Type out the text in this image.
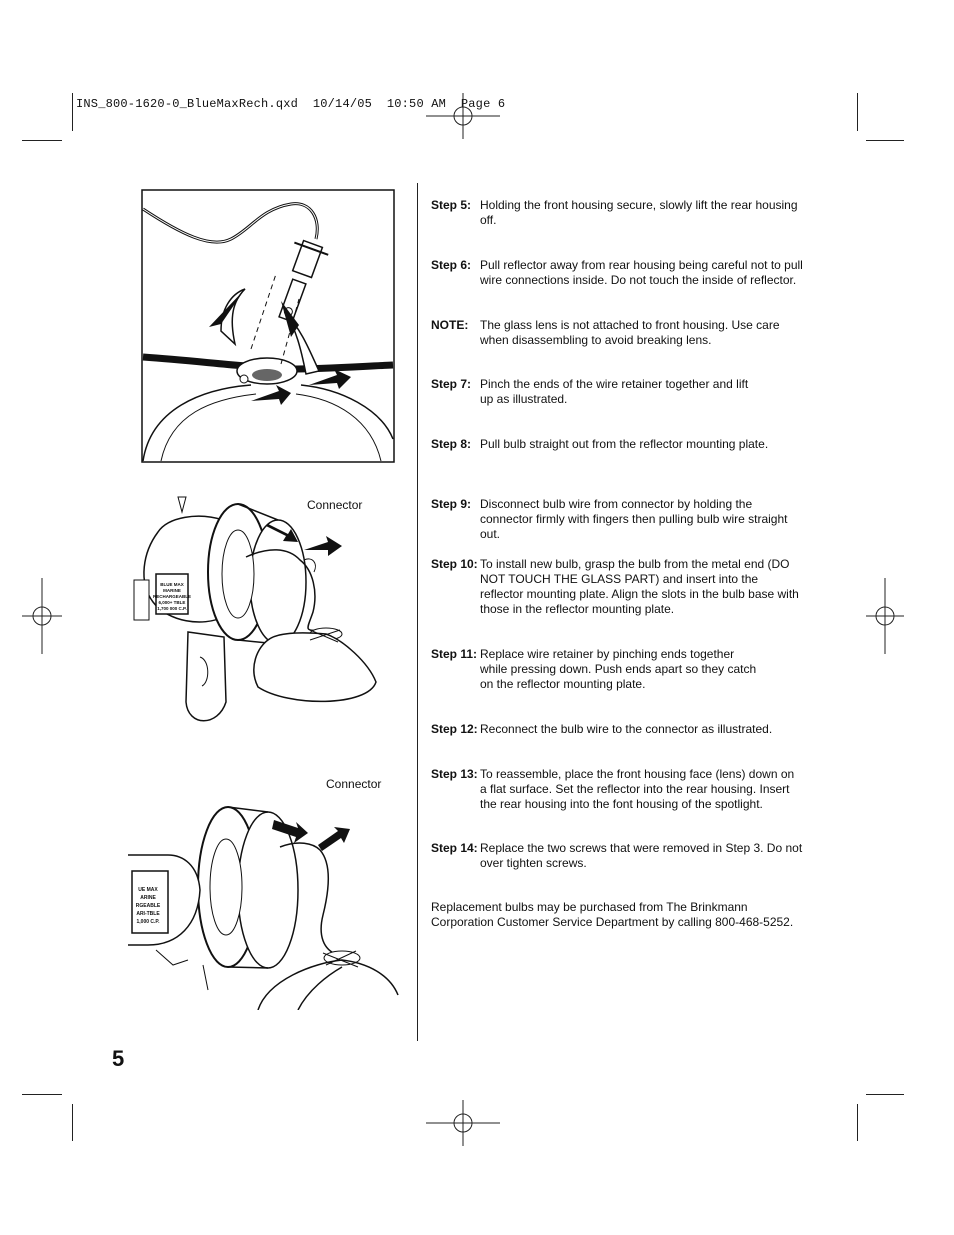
INS_800-1620-0_BlueMaxRech.qxd  10/14/05  10:50 AM  Page 6
BLUE MAX
MARINE
RECHARGEABLE
6,000+ TBLE
1,700 000 C.P.
Connector
UE MAX
ARINE
RGEABLE
ARI-TBLE
1,000 C.P.
Connector
Step 5: Holding the front housing secure, slowly lift the rear housing off.
Step 6: Pull reflector away from rear housing being careful not to pull wire connections inside. Do not touch the inside of reflector.
NOTE: The glass lens is not attached to front housing. Use care when disassembling to avoid breaking lens.
Step 7: Pinch the ends of the wire retainer together and lift up as illustrated.
Step 8: Pull bulb straight out from the reflector mounting plate.
Step 9: Disconnect bulb wire from connector by holding the connector firmly with fingers then pulling bulb wire straight out.
Step 10: To install new bulb, grasp the bulb from the metal end (DO NOT TOUCH THE GLASS PART) and insert into the reflector mounting plate. Align the slots in the bulb base with those in the reflector mounting plate.
Step 11: Replace wire retainer by pinching ends together while pressing down. Push ends apart so they catch on the reflector mounting plate.
Step 12: Reconnect the bulb wire to the connector as illustrated.
Step 13: To reassemble, place the front housing face (lens) down on a flat surface. Set the reflector into the rear housing. Insert the rear housing into the font housing of the spotlight.
Step 14: Replace the two screws that were removed in Step 3. Do not over tighten screws.
Replacement bulbs may be purchased from The Brinkmann Corporation Customer Service Department by calling 800-468-5252.
5
